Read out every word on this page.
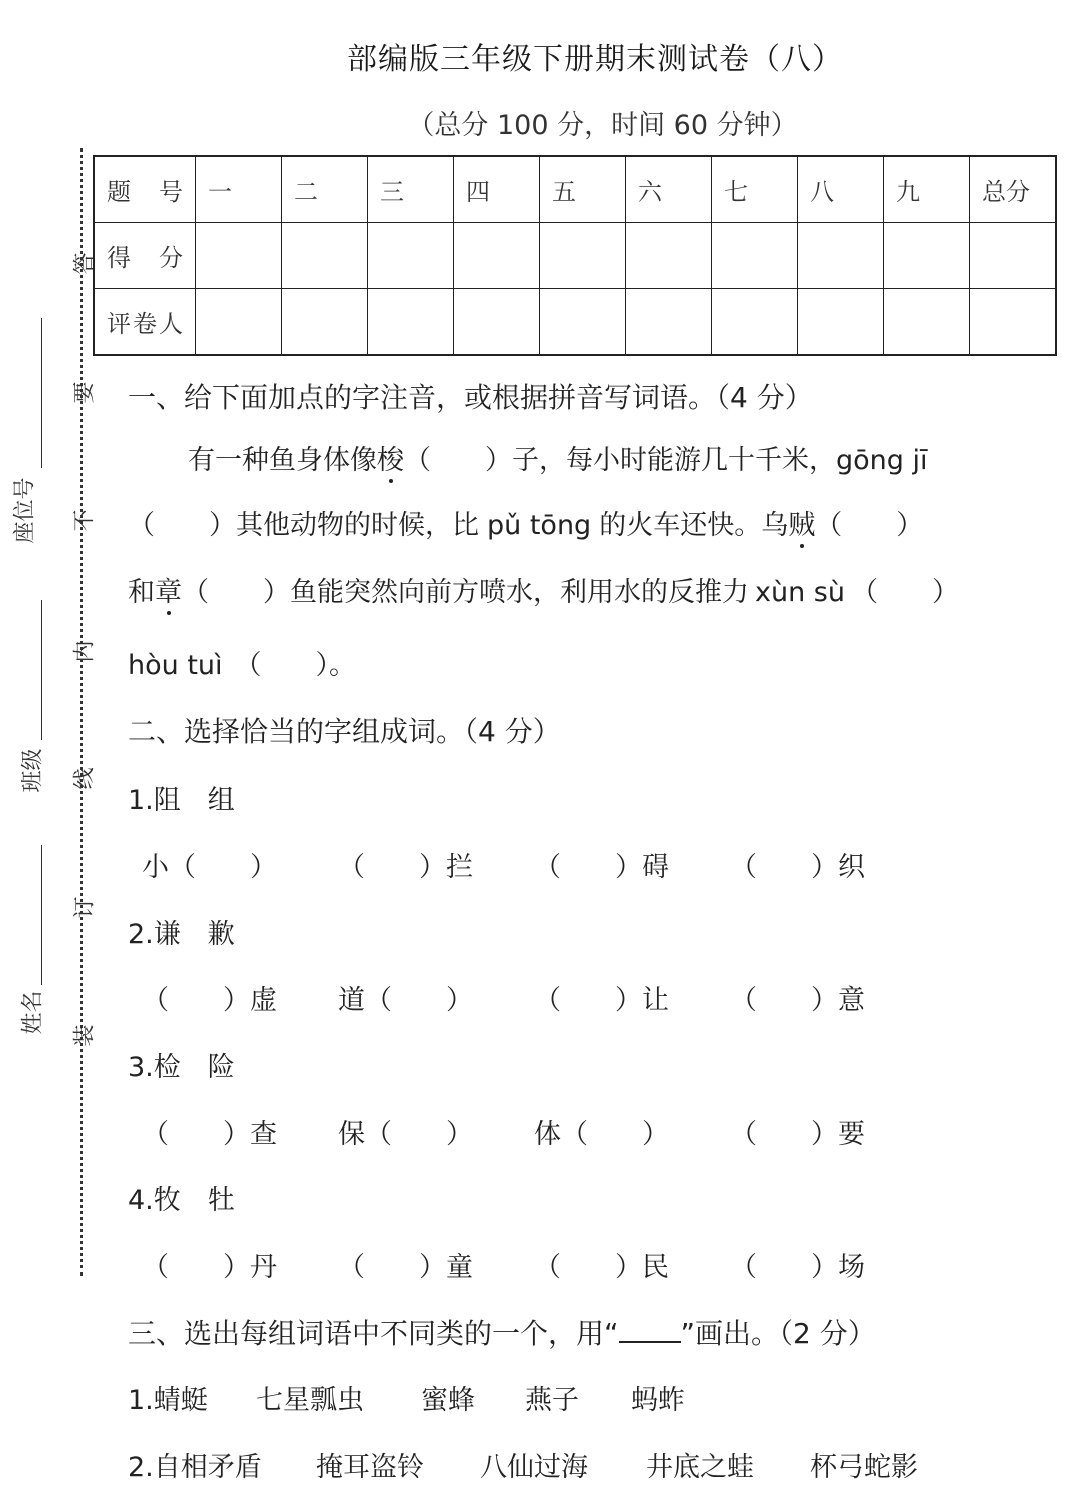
部编版三年级下册期末测试卷（八）
（总分 100 分，时间 60 分钟）
题　号	一	二	三	四	五	六	七	八	九	总分
得　分										
评卷人										
答
要
不
内
线
订
装
座位号
班级
姓名
一、给下面加点的字注音，或根据拼音写词语。（4 分）
有一种鱼身体像梭（　　）子，每小时能游几十千米，gōng jī
（　　）其他动物的时候，比 pǔ tōng 的火车还快。乌贼（　　）
和章（　　）鱼能突然向前方喷水，利用水的反推力 xùn sù （　　）
hòu tuì （　　）。
二、选择恰当的字组成词。（4 分）
1.阻　组
小（　　） （　　）拦 （　　）碍 （　　）织
2.谦　歉
（　　）虚 道（　　） （　　）让 （　　）意
3.检　险
（　　）查 保（　　） 体（　　） （　　）要
4.牧　牡
（　　）丹 （　　）童 （　　）民 （　　）场
三、选出每组词语中不同类的一个，用“ ”画出。（2 分）
1.蜻蜓 七星瓢虫 蜜蜂 燕子 蚂蚱
2.自相矛盾 掩耳盗铃 八仙过海 井底之蛙 杯弓蛇影
